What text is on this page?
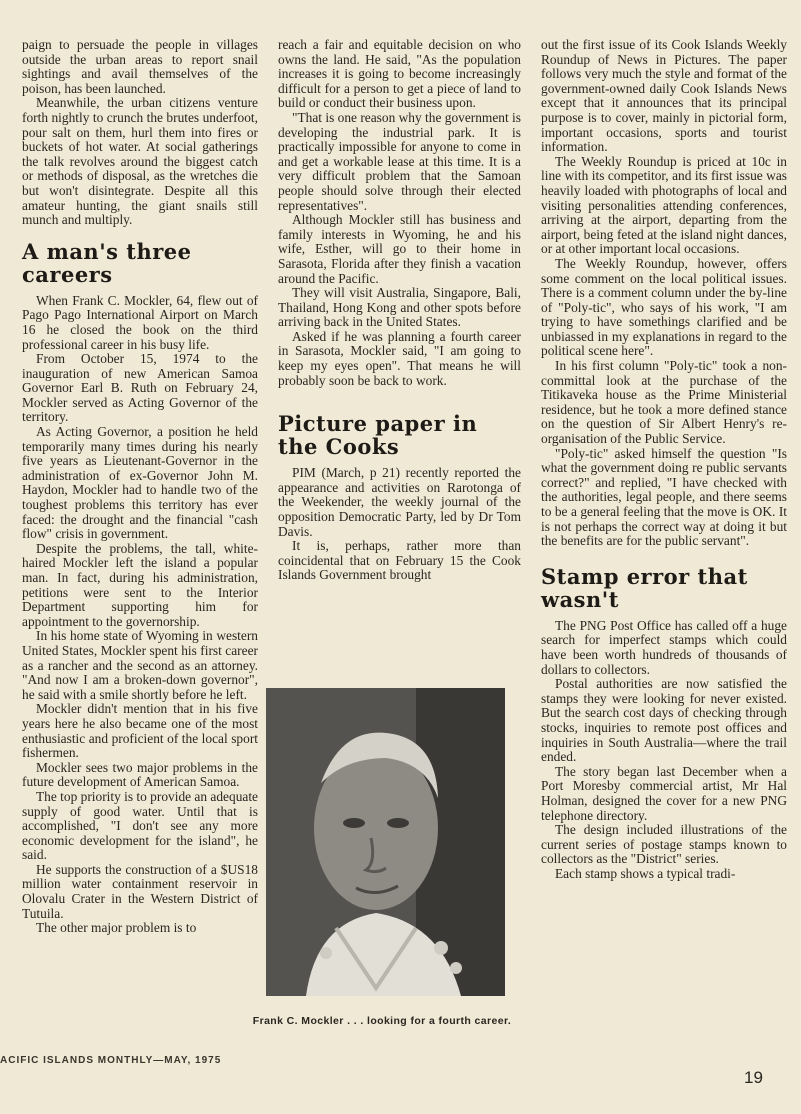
paign to persuade the people in villages outside the urban areas to report snail sightings and avail themselves of the poison, has been launched.

Meanwhile, the urban citizens venture forth nightly to crunch the brutes underfoot, pour salt on them, hurl them into fires or buckets of hot water. At social gatherings the talk revolves around the biggest catch or methods of disposal, as the wretches die but won't disintegrate. Despite all this amateur hunting, the giant snails still munch and multiply.

A man's three careers

When Frank C. Mockler, 64, flew out of Pago Pago International Airport on March 16 he closed the book on the third professional career in his busy life.

From October 15, 1974 to the inauguration of new American Samoa Governor Earl B. Ruth on February 24, Mockler served as Acting Governor of the territory.

As Acting Governor, a position he held temporarily many times during his nearly five years as Lieutenant-Governor in the administration of ex-Governor John M. Haydon, Mockler had to handle two of the toughest problems this territory has ever faced: the drought and the financial "cash flow" crisis in government.

Despite the problems, the tall, white-haired Mockler left the island a popular man. In fact, during his administration, petitions were sent to the Interior Department supporting him for appointment to the governorship.

In his home state of Wyoming in western United States, Mockler spent his first career as a rancher and the second as an attorney. "And now I am a broken-down governor", he said with a smile shortly before he left.

Mockler didn't mention that in his five years here he also became one of the most enthusiastic and proficient of the local sport fishermen.

Mockler sees two major problems in the future development of American Samoa.

The top priority is to provide an adequate supply of good water. Until that is accomplished, "I don't see any more economic development for the island", he said.

He supports the construction of a $US18 million water containment reservoir in Olovalu Crater in the Western District of Tutuila.

The other major problem is to

reach a fair and equitable decision on who owns the land. He said, "As the population increases it is going to become increasingly difficult for a person to get a piece of land to build or conduct their business upon.

"That is one reason why the government is developing the industrial park. It is practically impossible for anyone to come in and get a workable lease at this time. It is a very difficult problem that the Samoan people should solve through their elected representatives".

Although Mockler still has business and family interests in Wyoming, he and his wife, Esther, will go to their home in Sarasota, Florida after they finish a vacation around the Pacific.

They will visit Australia, Singapore, Bali, Thailand, Hong Kong and other spots before arriving back in the United States.

Asked if he was planning a fourth career in Sarasota, Mockler said, "I am going to keep my eyes open". That means he will probably soon be back to work.

Picture paper in the Cooks

PIM (March, p 21) recently reported the appearance and activities on Rarotonga of the Weekender, the weekly journal of the opposition Democratic Party, led by Dr Tom Davis.

It is, perhaps, rather more than coincidental that on February 15 the Cook Islands Government brought

out the first issue of its Cook Islands Weekly Roundup of News in Pictures. The paper follows very much the style and format of the government-owned daily Cook Islands News except that it announces that its principal purpose is to cover, mainly in pictorial form, important occasions, sports and tourist information.

The Weekly Roundup is priced at 10c in line with its competitor, and its first issue was heavily loaded with photographs of local and visiting personalities attending conferences, arriving at the airport, departing from the airport, being feted at the island night dances, or at other important local occasions.

The Weekly Roundup, however, offers some comment on the local political issues. There is a comment column under the by-line of "Poly-tic", who says of his work, "I am trying to have somethings clarified and be unbiassed in my explanations in regard to the political scene here".

In his first column "Poly-tic" took a non-committal look at the purchase of the Titikaveka house as the Prime Ministerial residence, but he took a more defined stance on the question of Sir Albert Henry's re-organisation of the Public Service.

"Poly-tic" asked himself the question "Is what the government doing re public servants correct?" and replied, "I have checked with the authorities, legal people, and there seems to be a general feeling that the move is OK. It is not perhaps the correct way at doing it but the benefits are for the public servant".

Stamp error that wasn't

The PNG Post Office has called off a huge search for imperfect stamps which could have been worth hundreds of thousands of dollars to collectors.

Postal authorities are now satisfied the stamps they were looking for never existed. But the search cost days of checking through stocks, inquiries to remote post offices and inquiries in South Australia—where the trail ended.

The story began last December when a Port Moresby commercial artist, Mr Hal Holman, designed the cover for a new PNG telephone directory.

The design included illustrations of the current series of postage stamps known to collectors as the "District" series.

Each stamp shows a typical tradi-

Frank C. Mockler . . . looking for a fourth career.
ACIFIC ISLANDS MONTHLY—MAY, 1975
19
